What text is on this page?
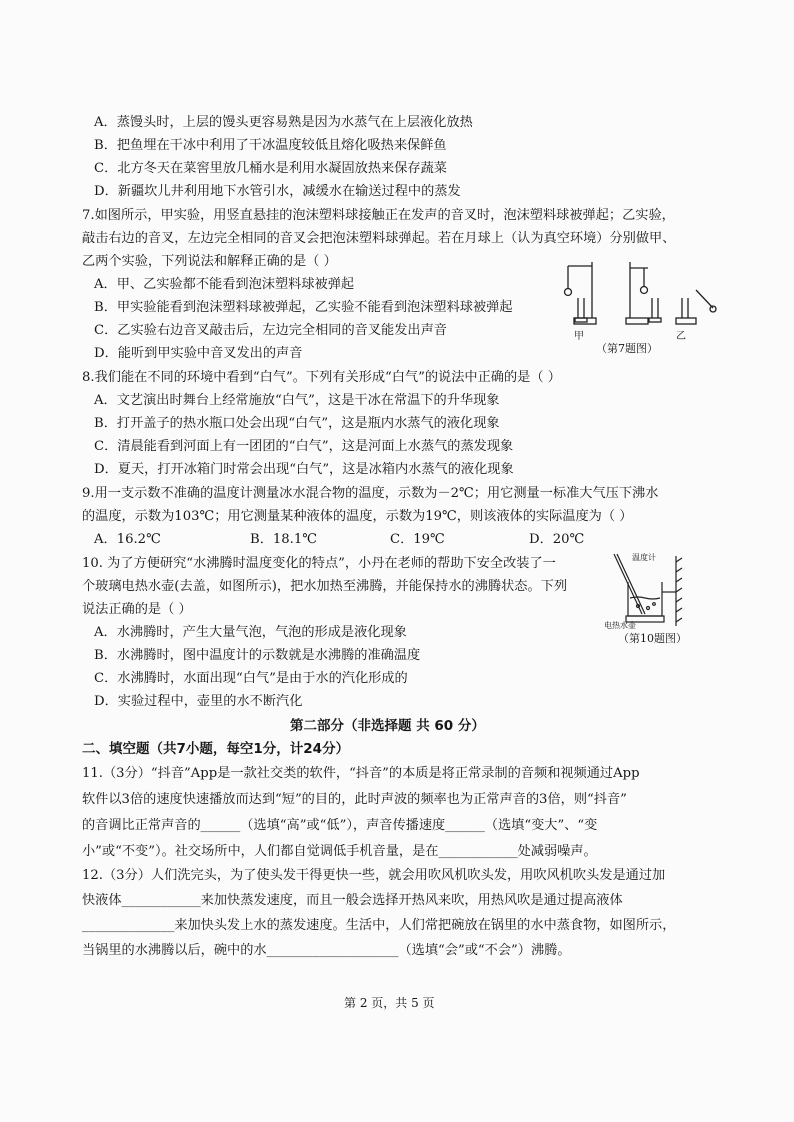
A．蒸馒头时，上层的馒头更容易熟是因为水蒸气在上层液化放热
B．把鱼埋在干冰中利用了干冰温度较低且熔化吸热来保鲜鱼
C．北方冬天在菜窖里放几桶水是利用水凝固放热来保存蔬菜
D．新疆坎儿井利用地下水管引水，减缓水在输送过程中的蒸发
7.如图所示，甲实验，用竖直悬挂的泡沫塑料球接触正在发声的音叉时，泡沫塑料球被弹起；乙实验，
敲击右边的音叉，左边完全相同的音叉会把泡沫塑料球弹起。若在月球上（认为真空环境）分别做甲、
乙两个实验，下列说法和解释正确的是（ ）
A．甲、乙实验都不能看到泡沫塑料球被弹起
B．甲实验能看到泡沫塑料球被弹起，乙实验不能看到泡沫塑料球被弹起
C．乙实验右边音叉敲击后，左边完全相同的音叉能发出声音
D．能听到甲实验中音叉发出的声音
甲	乙
（第7题图）
8.我们能在不同的环境中看到“白气”。下列有关形成“白气”的说法中正确的是（ ）
A．文艺演出时舞台上经常施放“白气”，这是干冰在常温下的升华现象
B．打开盖子的热水瓶口处会出现“白气”，这是瓶内水蒸气的液化现象
C．清晨能看到河面上有一团团的“白气”，这是河面上水蒸气的蒸发现象
D．夏天，打开冰箱门时常会出现“白气”，这是冰箱内水蒸气的液化现象
9.用一支示数不准确的温度计测量冰水混合物的温度，示数为－2℃；用它测量一标准大气压下沸水
的温度，示数为103℃；用它测量某种液体的温度，示数为19℃，则该液体的实际温度为（ ）
A．16.2℃	B．18.1℃	C．19℃	D．20℃
10. 为了方便研究“水沸腾时温度变化的特点”，小丹在老师的帮助下安全改装了一
个玻璃电热水壶(去盖，如图所示)，把水加热至沸腾，并能保持水的沸腾状态。下列
说法正确的是（ ）
A．水沸腾时，产生大量气泡，气泡的形成是液化现象
B．水沸腾时，图中温度计的示数就是水沸腾的准确温度
C．水沸腾时，水面出现“白气”是由于水的汽化形成的
D．实验过程中，壶里的水不断汽化
温度计
电热水壶
（第10题图）
第二部分（非选择题 共 60 分）
二、填空题（共7小题，每空1分，计24分）
11.（3分）“抖音”App是一款社交类的软件，“抖音”的本质是将正常录制的音频和视频通过App
软件以3倍的速度快速播放而达到“短”的目的，此时声波的频率也为正常声音的3倍，则“抖音”
的音调比正常声音的______（选填“高”或“低”），声音传播速度______（选填“变大”、“变
小”或“不变”）。社交场所中，人们都自觉调低手机音量，是在____________处减弱噪声。
12.（3分）人们洗完头，为了使头发干得更快一些，就会用吹风机吹头发，用吹风机吹头发是通过加
快液体____________来加快蒸发速度，而且一般会选择开热风来吹，用热风吹是通过提高液体
______________来加快头发上水的蒸发速度。生活中，人们常把碗放在锅里的水中蒸食物，如图所示，
当锅里的水沸腾以后，碗中的水____________________（选填“会”或“不会”）沸腾。
第 2 页，共 5 页
